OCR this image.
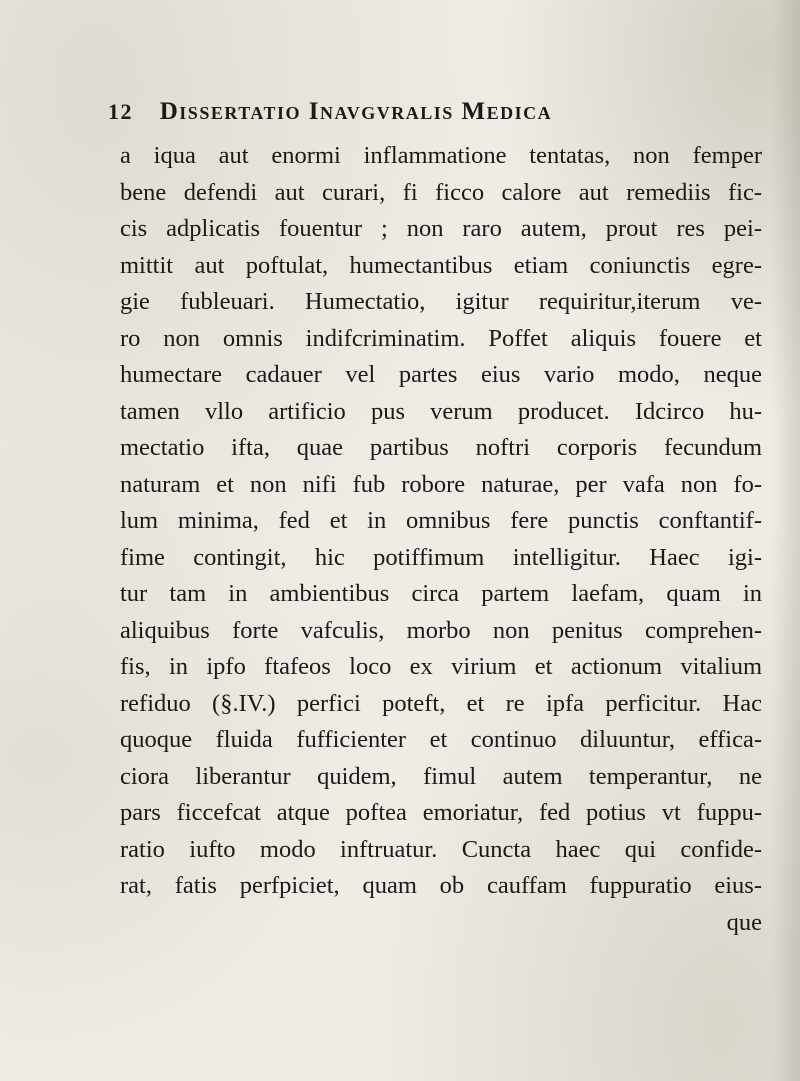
12 Dissertatio Inavgvralis Medica
a iqua aut enormi inflammatione tentatas, non femper
bene defendi aut curari, fi ficco calore aut remediis fic-
cis adplicatis fouentur ; non raro autem, prout res pei-
mittit aut poftulat, humectantibus etiam coniunctis egre-
gie fubleuari. Humectatio, igitur requiritur,iterum ve-
ro non omnis indifcriminatim. Poffet aliquis fouere et
humectare cadauer vel partes eius vario modo, neque
tamen vllo artificio pus verum producet. Idcirco hu-
mectatio ifta, quae partibus noftri corporis fecundum
naturam et non nifi fub robore naturae, per vafa non fo-
lum minima, fed et in omnibus fere punctis conftantif-
fime contingit, hic potiffimum intelligitur. Haec igi-
tur tam in ambientibus circa partem laefam, quam in
aliquibus forte vafculis, morbo non penitus comprehen-
fis, in ipfo ftafeos loco ex virium et actionum vitalium
refiduo (§.IV.) perfici poteft, et re ipfa perficitur. Hac
quoque fluida fufficienter et continuo diluuntur, effica-
ciora liberantur quidem, fimul autem temperantur, ne
pars ficcefcat atque poftea emoriatur, fed potius vt fuppu-
ratio iufto modo inftruatur. Cuncta haec qui confide-
rat, fatis perfpiciet, quam ob cauffam fuppuratio eius-
que
